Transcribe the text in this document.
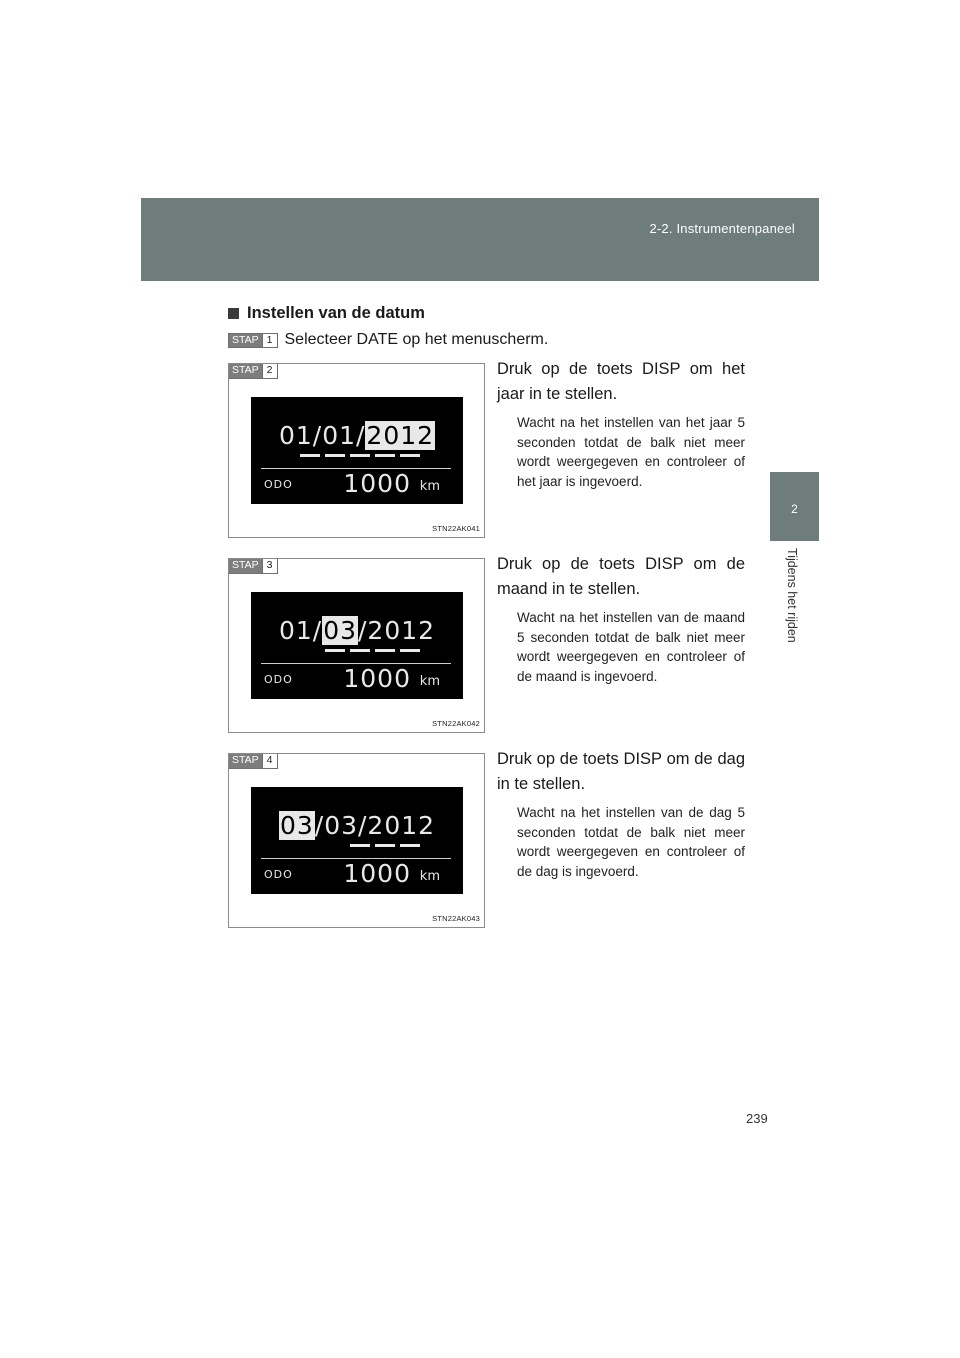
2-2. Instrumentenpaneel
2
Tijdens het rijden
Instellen van de datum
STAP 1 Selecteer DATE op het menuscherm.
STAP 2
01/01/2012
ODO 1000 km
STN22AK041
Druk op de toets DISP om het jaar in te stellen.
Wacht na het instellen van het jaar 5 seconden totdat de balk niet meer wordt weergegeven en controleer of het jaar is ingevoerd.
STAP 3
01/03/2012
ODO 1000 km
STN22AK042
Druk op de toets DISP om de maand in te stellen.
Wacht na het instellen van de maand 5 seconden totdat de balk niet meer wordt weergegeven en controleer of de maand is ingevoerd.
STAP 4
03/03/2012
ODO 1000 km
STN22AK043
Druk op de toets DISP om de dag in te stellen.
Wacht na het instellen van de dag 5 seconden totdat de balk niet meer wordt weergegeven en controleer of de dag is ingevoerd.
239
